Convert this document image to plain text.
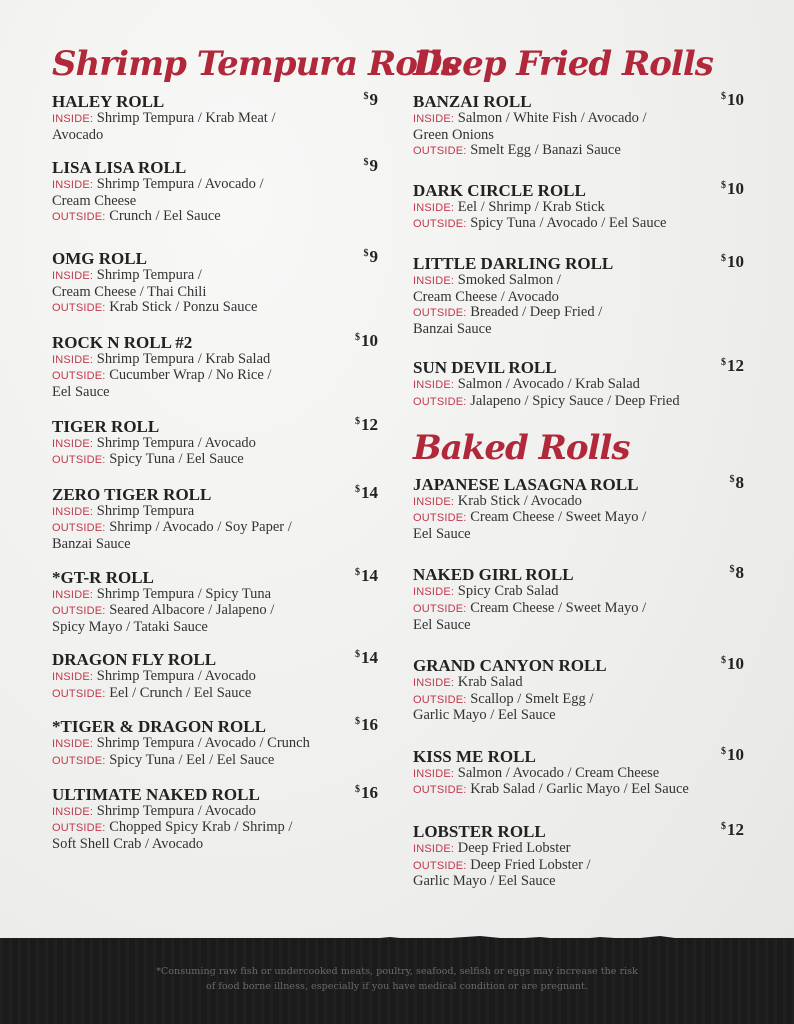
Shrimp Tempura Rolls
HALEY ROLL	$9
INSIDE: Shrimp Tempura / Krab Meat /
Avocado
LISA LISA ROLL	$9
INSIDE: Shrimp Tempura / Avocado /
Cream Cheese
OUTSIDE: Crunch / Eel Sauce
OMG ROLL	$9
INSIDE: Shrimp Tempura /
Cream Cheese / Thai Chili
OUTSIDE: Krab Stick / Ponzu Sauce
ROCK N ROLL #2	$10
INSIDE: Shrimp Tempura / Krab Salad
OUTSIDE: Cucumber Wrap / No Rice /
Eel Sauce
TIGER ROLL	$12
INSIDE: Shrimp Tempura / Avocado
OUTSIDE: Spicy Tuna / Eel Sauce
ZERO TIGER ROLL	$14
INSIDE: Shrimp Tempura
OUTSIDE: Shrimp / Avocado / Soy Paper /
Banzai Sauce
*GT-R ROLL	$14
INSIDE: Shrimp Tempura / Spicy Tuna
OUTSIDE: Seared Albacore / Jalapeno /
Spicy Mayo / Tataki Sauce
DRAGON FLY ROLL	$14
INSIDE: Shrimp Tempura / Avocado
OUTSIDE: Eel / Crunch / Eel Sauce
*TIGER & DRAGON ROLL	$16
INSIDE: Shrimp Tempura / Avocado / Crunch
OUTSIDE: Spicy Tuna / Eel / Eel Sauce
ULTIMATE NAKED ROLL	$16
INSIDE: Shrimp Tempura / Avocado
OUTSIDE: Chopped Spicy Krab / Shrimp /
Soft Shell Crab / Avocado
Deep Fried Rolls
BANZAI ROLL	$10
INSIDE: Salmon / White Fish / Avocado /
Green Onions
OUTSIDE: Smelt Egg / Banazi Sauce
DARK CIRCLE ROLL	$10
INSIDE: Eel / Shrimp / Krab Stick
OUTSIDE: Spicy Tuna / Avocado / Eel Sauce
LITTLE DARLING ROLL	$10
INSIDE: Smoked Salmon /
Cream Cheese / Avocado
OUTSIDE: Breaded / Deep Fried /
Banzai Sauce
SUN DEVIL ROLL	$12
INSIDE: Salmon / Avocado / Krab Salad
OUTSIDE: Jalapeno / Spicy Sauce / Deep Fried
Baked Rolls
JAPANESE LASAGNA ROLL	$8
INSIDE: Krab Stick / Avocado
OUTSIDE: Cream Cheese / Sweet Mayo /
Eel Sauce
NAKED GIRL ROLL	$8
INSIDE: Spicy Crab Salad
OUTSIDE: Cream Cheese / Sweet Mayo /
Eel Sauce
GRAND CANYON ROLL	$10
INSIDE: Krab Salad
OUTSIDE: Scallop / Smelt Egg /
Garlic Mayo / Eel Sauce
KISS ME ROLL	$10
INSIDE: Salmon / Avocado / Cream Cheese
OUTSIDE: Krab Salad / Garlic Mayo / Eel Sauce
LOBSTER ROLL	$12
INSIDE: Deep Fried Lobster
OUTSIDE: Deep Fried Lobster /
Garlic Mayo / Eel Sauce
*Consuming raw fish or undercooked meats, poultry, seafood, selfish or eggs may increase the risk
of food borne illness, especially if you have medical condition or are pregnant.
